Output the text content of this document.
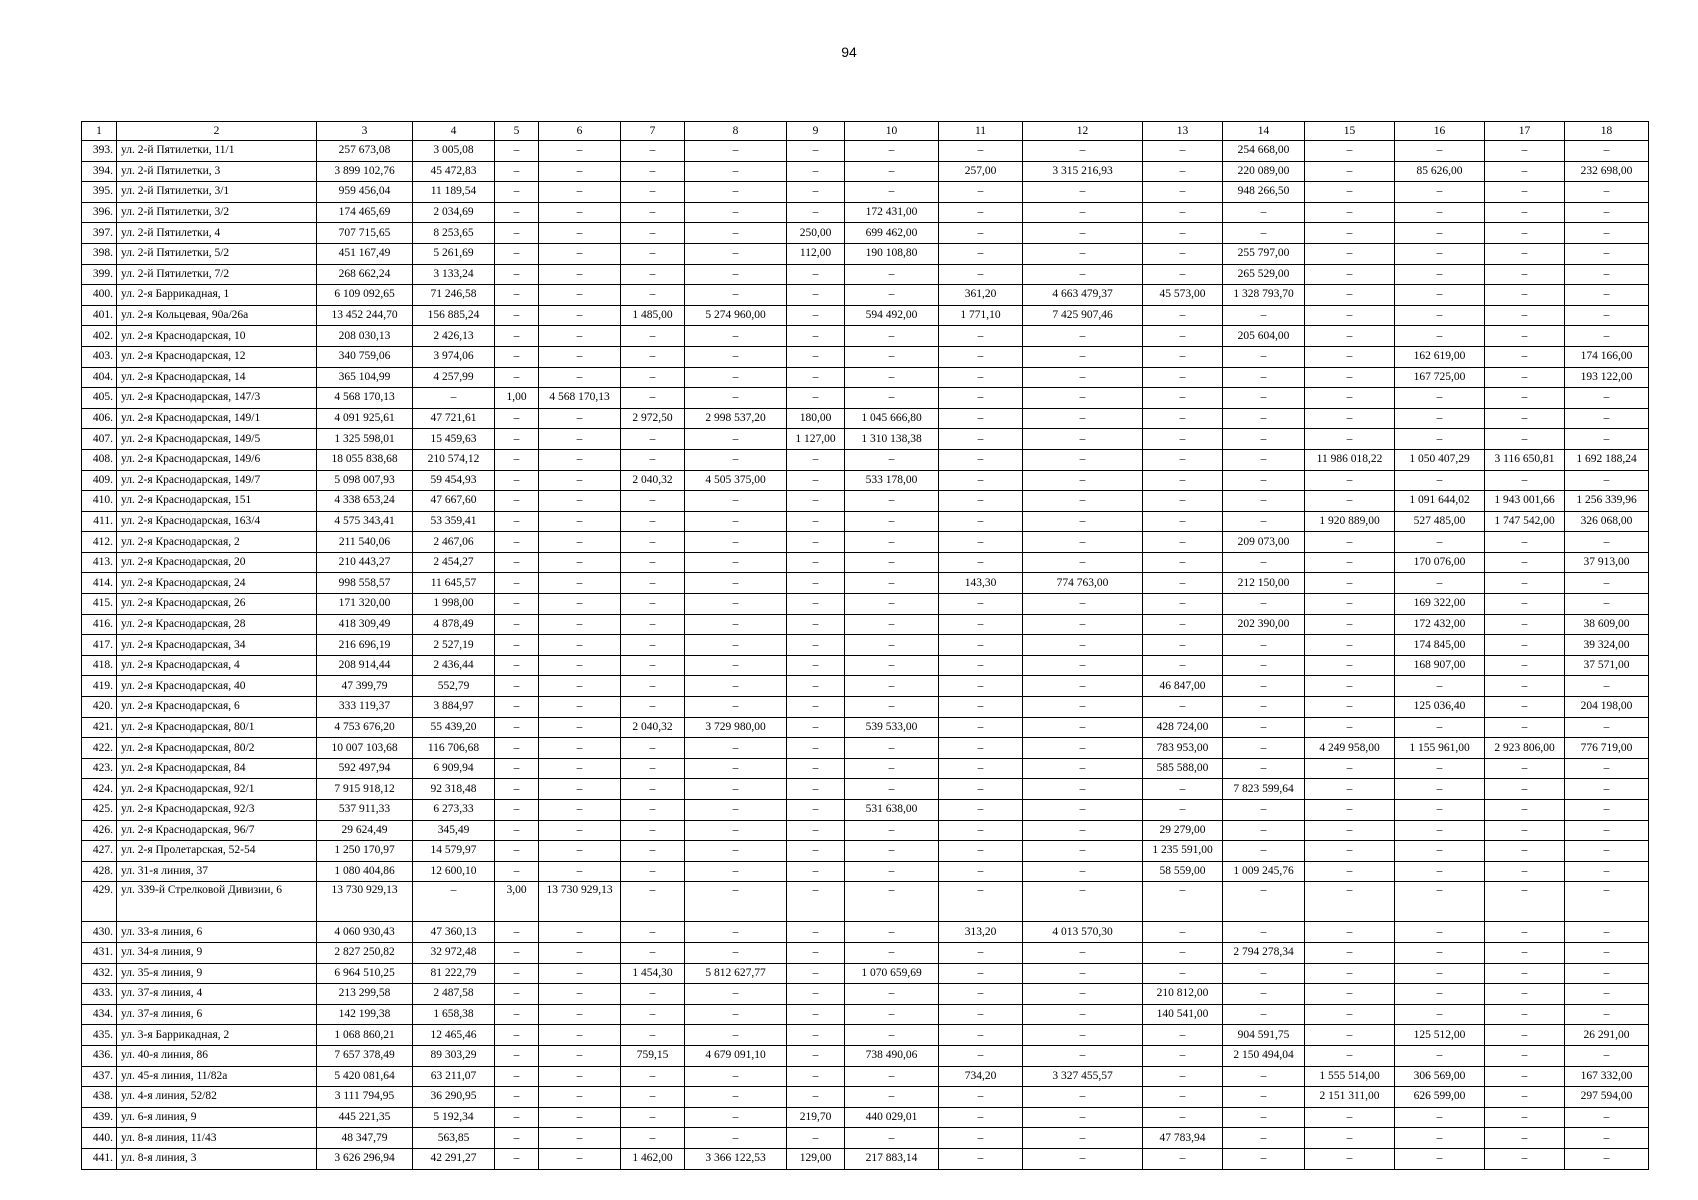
94
1	2	3	4	5	6	7	8	9	10	11	12	13	14	15	16	17	18
393.	ул. 2-й Пятилетки, 11/1	257 673,08	3 005,08	–	–	–	–	–	–	–	–	–	254 668,00	–	–	–	–
394.	ул. 2-й Пятилетки, 3	3 899 102,76	45 472,83	–	–	–	–	–	–	257,00	3 315 216,93	–	220 089,00	–	85 626,00	–	232 698,00
395.	ул. 2-й Пятилетки, 3/1	959 456,04	11 189,54	–	–	–	–	–	–	–	–	–	948 266,50	–	–	–	–
396.	ул. 2-й Пятилетки, 3/2	174 465,69	2 034,69	–	–	–	–	–	172 431,00	–	–	–	–	–	–	–	–
397.	ул. 2-й Пятилетки, 4	707 715,65	8 253,65	–	–	–	–	250,00	699 462,00	–	–	–	–	–	–	–	–
398.	ул. 2-й Пятилетки, 5/2	451 167,49	5 261,69	–	–	–	–	112,00	190 108,80	–	–	–	255 797,00	–	–	–	–
399.	ул. 2-й Пятилетки, 7/2	268 662,24	3 133,24	–	–	–	–	–	–	–	–	–	265 529,00	–	–	–	–
400.	ул. 2-я Баррикадная, 1	6 109 092,65	71 246,58	–	–	–	–	–	–	361,20	4 663 479,37	45 573,00	1 328 793,70	–	–	–	–
401.	ул. 2-я Кольцевая, 90а/26а	13 452 244,70	156 885,24	–	–	1 485,00	5 274 960,00	–	594 492,00	1 771,10	7 425 907,46	–	–	–	–	–	–
402.	ул. 2-я Краснодарская, 10	208 030,13	2 426,13	–	–	–	–	–	–	–	–	–	205 604,00	–	–	–	–
403.	ул. 2-я Краснодарская, 12	340 759,06	3 974,06	–	–	–	–	–	–	–	–	–	–	–	162 619,00	–	174 166,00
404.	ул. 2-я Краснодарская, 14	365 104,99	4 257,99	–	–	–	–	–	–	–	–	–	–	–	167 725,00	–	193 122,00
405.	ул. 2-я Краснодарская, 147/3	4 568 170,13	–	1,00	4 568 170,13	–	–	–	–	–	–	–	–	–	–	–	–
406.	ул. 2-я Краснодарская, 149/1	4 091 925,61	47 721,61	–	–	2 972,50	2 998 537,20	180,00	1 045 666,80	–	–	–	–	–	–	–	–
407.	ул. 2-я Краснодарская, 149/5	1 325 598,01	15 459,63	–	–	–	–	1 127,00	1 310 138,38	–	–	–	–	–	–	–	–
408.	ул. 2-я Краснодарская, 149/6	18 055 838,68	210 574,12	–	–	–	–	–	–	–	–	–	–	11 986 018,22	1 050 407,29	3 116 650,81	1 692 188,24
409.	ул. 2-я Краснодарская, 149/7	5 098 007,93	59 454,93	–	–	2 040,32	4 505 375,00	–	533 178,00	–	–	–	–	–	–	–	–
410.	ул. 2-я Краснодарская, 151	4 338 653,24	47 667,60	–	–	–	–	–	–	–	–	–	–	–	1 091 644,02	1 943 001,66	1 256 339,96
411.	ул. 2-я Краснодарская, 163/4	4 575 343,41	53 359,41	–	–	–	–	–	–	–	–	–	–	1 920 889,00	527 485,00	1 747 542,00	326 068,00
412.	ул. 2-я Краснодарская, 2	211 540,06	2 467,06	–	–	–	–	–	–	–	–	–	209 073,00	–	–	–	–
413.	ул. 2-я Краснодарская, 20	210 443,27	2 454,27	–	–	–	–	–	–	–	–	–	–	–	170 076,00	–	37 913,00
414.	ул. 2-я Краснодарская, 24	998 558,57	11 645,57	–	–	–	–	–	–	143,30	774 763,00	–	212 150,00	–	–	–	–
415.	ул. 2-я Краснодарская, 26	171 320,00	1 998,00	–	–	–	–	–	–	–	–	–	–	–	169 322,00	–	–
416.	ул. 2-я Краснодарская, 28	418 309,49	4 878,49	–	–	–	–	–	–	–	–	–	202 390,00	–	172 432,00	–	38 609,00
417.	ул. 2-я Краснодарская, 34	216 696,19	2 527,19	–	–	–	–	–	–	–	–	–	–	–	174 845,00	–	39 324,00
418.	ул. 2-я Краснодарская, 4	208 914,44	2 436,44	–	–	–	–	–	–	–	–	–	–	–	168 907,00	–	37 571,00
419.	ул. 2-я Краснодарская, 40	47 399,79	552,79	–	–	–	–	–	–	–	–	46 847,00	–	–	–	–	–
420.	ул. 2-я Краснодарская, 6	333 119,37	3 884,97	–	–	–	–	–	–	–	–	–	–	–	125 036,40	–	204 198,00
421.	ул. 2-я Краснодарская, 80/1	4 753 676,20	55 439,20	–	–	2 040,32	3 729 980,00	–	539 533,00	–	–	428 724,00	–	–	–	–	–
422.	ул. 2-я Краснодарская, 80/2	10 007 103,68	116 706,68	–	–	–	–	–	–	–	–	783 953,00	–	4 249 958,00	1 155 961,00	2 923 806,00	776 719,00
423.	ул. 2-я Краснодарская, 84	592 497,94	6 909,94	–	–	–	–	–	–	–	–	585 588,00	–	–	–	–	–
424.	ул. 2-я Краснодарская, 92/1	7 915 918,12	92 318,48	–	–	–	–	–	–	–	–	–	7 823 599,64	–	–	–	–
425.	ул. 2-я Краснодарская, 92/3	537 911,33	6 273,33	–	–	–	–	–	531 638,00	–	–	–	–	–	–	–	–
426.	ул. 2-я Краснодарская, 96/7	29 624,49	345,49	–	–	–	–	–	–	–	–	29 279,00	–	–	–	–	–
427.	ул. 2-я Пролетарская, 52-54	1 250 170,97	14 579,97	–	–	–	–	–	–	–	–	1 235 591,00	–	–	–	–	–
428.	ул. 31-я линия, 37	1 080 404,86	12 600,10	–	–	–	–	–	–	–	–	58 559,00	1 009 245,76	–	–	–	–
429.	ул. 339-й Стрелковой Дивизии, 6	13 730 929,13	–	3,00	13 730 929,13	–	–	–	–	–	–	–	–	–	–	–	–
430.	ул. 33-я линия, 6	4 060 930,43	47 360,13	–	–	–	–	–	–	313,20	4 013 570,30	–	–	–	–	–	–
431.	ул. 34-я линия, 9	2 827 250,82	32 972,48	–	–	–	–	–	–	–	–	–	2 794 278,34	–	–	–	–
432.	ул. 35-я линия, 9	6 964 510,25	81 222,79	–	–	1 454,30	5 812 627,77	–	1 070 659,69	–	–	–	–	–	–	–	–
433.	ул. 37-я линия, 4	213 299,58	2 487,58	–	–	–	–	–	–	–	–	210 812,00	–	–	–	–	–
434.	ул. 37-я линия, 6	142 199,38	1 658,38	–	–	–	–	–	–	–	–	140 541,00	–	–	–	–	–
435.	ул. 3-я Баррикадная, 2	1 068 860,21	12 465,46	–	–	–	–	–	–	–	–	–	904 591,75	–	125 512,00	–	26 291,00
436.	ул. 40-я линия, 86	7 657 378,49	89 303,29	–	–	759,15	4 679 091,10	–	738 490,06	–	–	–	2 150 494,04	–	–	–	–
437.	ул. 45-я линия, 11/82а	5 420 081,64	63 211,07	–	–	–	–	–	–	734,20	3 327 455,57	–	–	1 555 514,00	306 569,00	–	167 332,00
438.	ул. 4-я линия, 52/82	3 111 794,95	36 290,95	–	–	–	–	–	–	–	–	–	–	2 151 311,00	626 599,00	–	297 594,00
439.	ул. 6-я линия, 9	445 221,35	5 192,34	–	–	–	–	219,70	440 029,01	–	–	–	–	–	–	–	–
440.	ул. 8-я линия, 11/43	48 347,79	563,85	–	–	–	–	–	–	–	–	47 783,94	–	–	–	–	–
441.	ул. 8-я линия, 3	3 626 296,94	42 291,27	–	–	1 462,00	3 366 122,53	129,00	217 883,14	–	–	–	–	–	–	–	–
